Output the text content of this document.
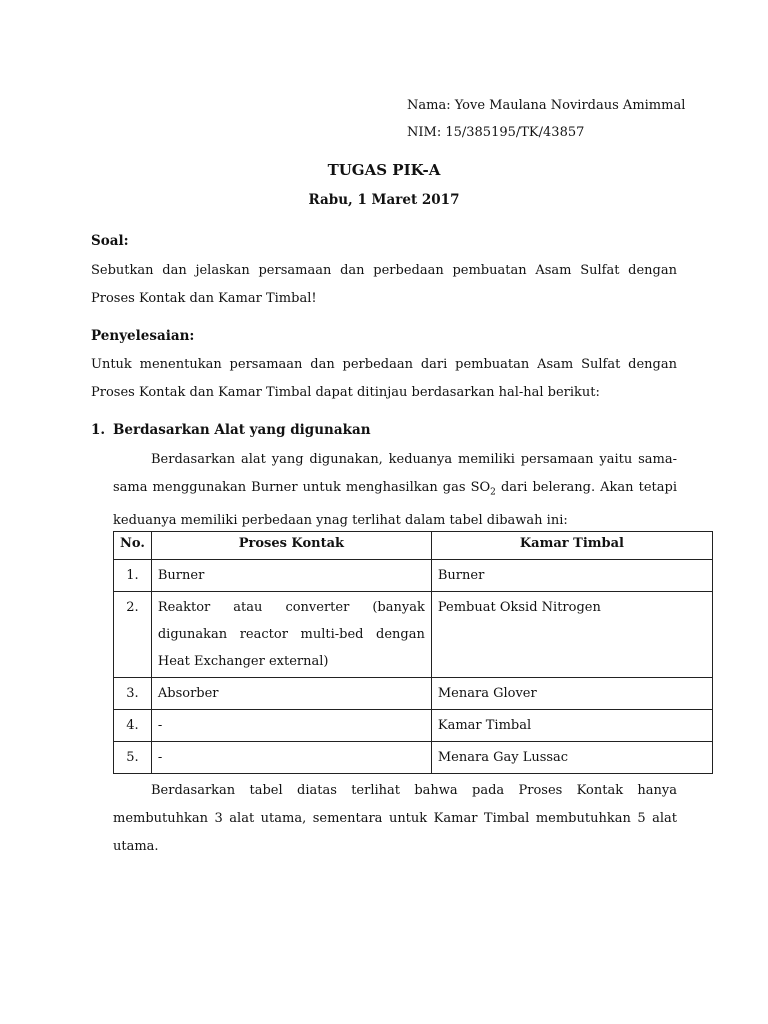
Nama: Yove Maulana Novirdaus Amimmal
NIM: 15/385195/TK/43857
TUGAS PIK-A
Rabu, 1 Maret 2017
Soal:
Sebutkan dan jelaskan persamaan dan perbedaan pembuatan Asam Sulfat dengan Proses Kontak dan Kamar Timbal!
Penyelesaian:
Untuk menentukan persamaan dan perbedaan dari pembuatan Asam Sulfat dengan Proses Kontak dan Kamar Timbal dapat ditinjau berdasarkan hal-hal berikut:
1. Berdasarkan Alat yang digunakan
Berdasarkan alat yang digunakan, keduanya memiliki persamaan yaitu sama-sama menggunakan Burner untuk menghasilkan gas $SO_2$ dari belerang. Akan tetapi keduanya memiliki perbedaan ynag terlihat dalam tabel dibawah ini:
No.	Proses Kontak	Kamar Timbal
1.	Burner	Burner
2.	Reaktor atau converter (banyak digunakan reactor multi-bed dengan Heat Exchanger external)	Pembuat Oksid Nitrogen
3.	Absorber	Menara Glover
4.	-	Kamar Timbal
5.	-	Menara Gay Lussac
Berdasarkan tabel diatas terlihat bahwa pada Proses Kontak hanya membutuhkan 3 alat utama, sementara untuk Kamar Timbal membutuhkan 5 alat utama.
